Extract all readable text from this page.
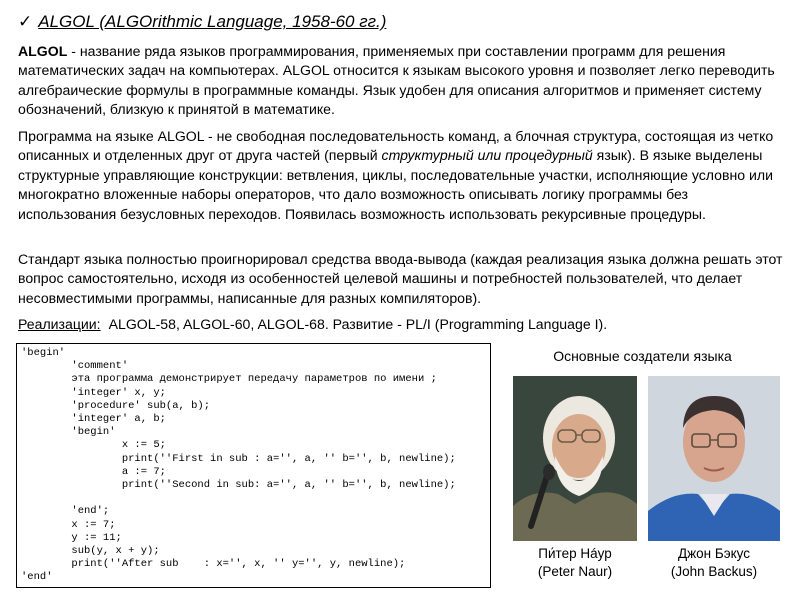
✓ ALGOL (ALGOrithmic Language, 1958-60 гг.)
ALGOL - название ряда языков программирования, применяемых при составлении программ для решения математических задач на компьютерах. ALGOL относится к языкам высокого уровня и позволяет легко переводить алгебраические формулы в программные команды. Язык удобен для описания алгоритмов и применяет систему обозначений, близкую к принятой в математике.
Программа на языке ALGOL - не свободная последовательность команд, а блочная структура, состоящая из четко описанных и отделенных друг от друга частей (первый структурный или процедурный язык). В языке выделены структурные управляющие конструкции: ветвления, циклы, последовательные участки, исполняющие условно или многократно вложенные наборы операторов, что дало возможность описывать логику программы без использования безусловных переходов. Появилась возможность использовать рекурсивные процедуры.
Стандарт языка полностью проигнорировал средства ввода-вывода (каждая реализация языка должна решать этот вопрос самостоятельно, исходя из особенностей целевой машины и потребностей пользователей, что делает несовместимыми программы, написанные для разных компиляторов).
Реализации: ALGOL-58, ALGOL-60, ALGOL-68. Развитие - PL/I (Programming Language I).
'begin'
'comment'
эта программа демонстрирует передачу параметров по имени ;
'integer' x, y;
'procedure' sub(a, b);
'integer' a, b;
'begin'
x := 5;
print(''First in sub : a='', a, '' b='', b, newline);
a := 7;
print(''Second in sub: a='', a, '' b='', b, newline);

'end';
x := 7;
y := 11;
sub(y, x + y);
print(''After sub    : x='', x, '' y='', y, newline);
'end'
Основные создатели языка
Пи́тер Нáур
(Peter Naur)
Джон Бэкус
(John Backus)
